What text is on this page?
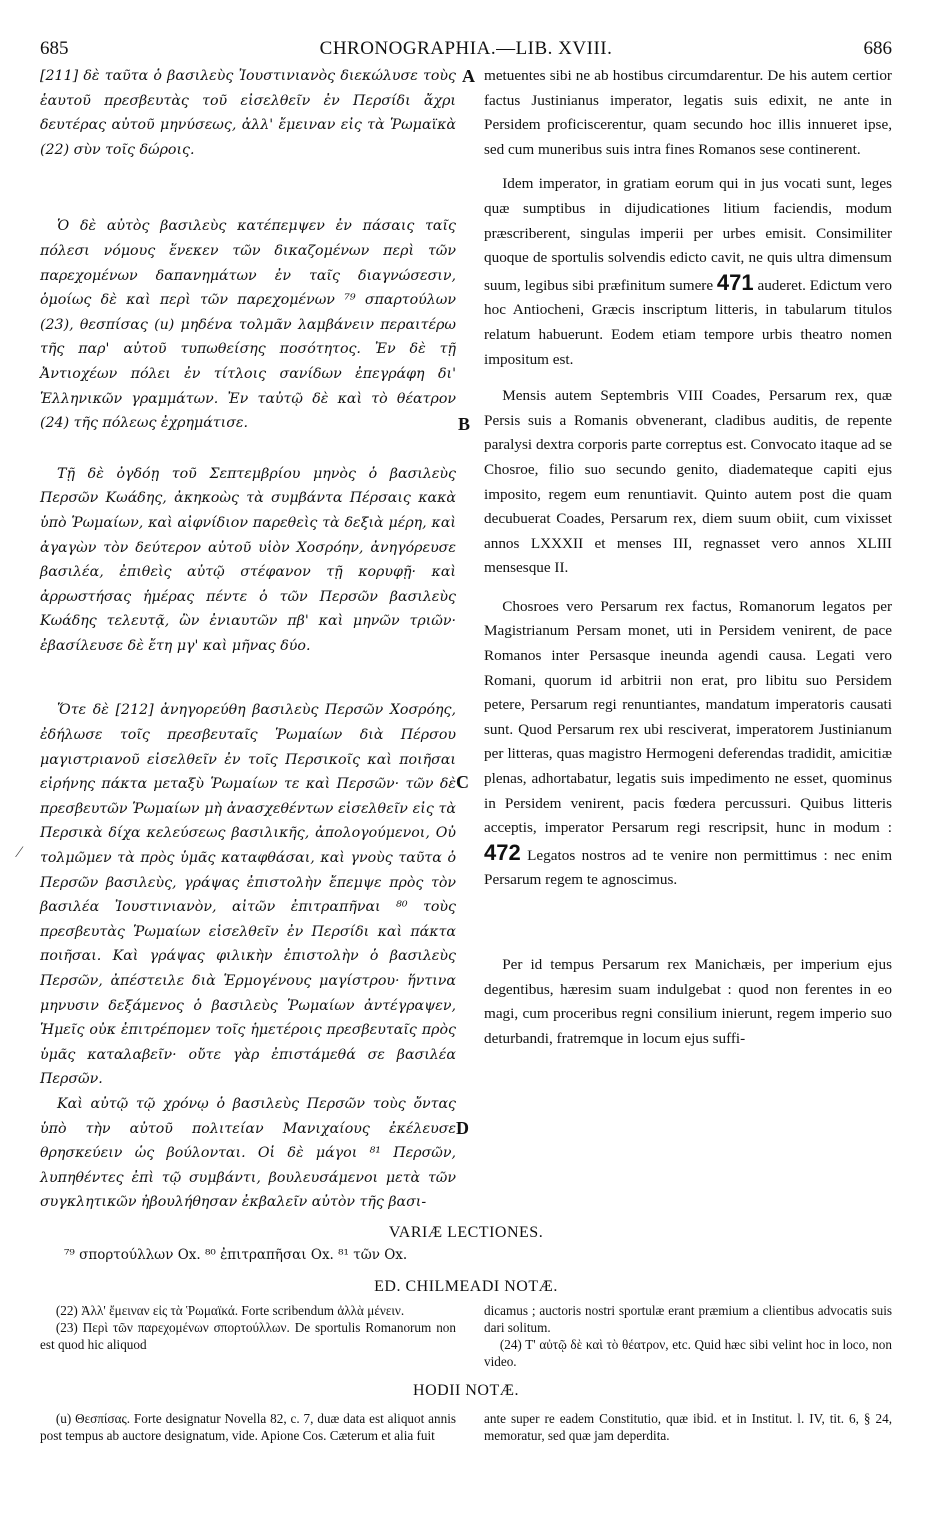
685	CHRONOGRAPHIA.—LIB. XVIII.	686

[211] δὲ ταῦτα ὁ βασιλεὺς Ἰουστινιανὸς διεκώλυσε τοὺς ἑαυτοῦ πρεσβευτὰς τοῦ εἰσελθεῖν ἐν Περσίδι ἄχρι δευτέρας αὐτοῦ μηνύσεως, ἀλλ' ἔμειναν εἰς τὰ Ῥωμαϊκὰ (22) σὺν τοῖς δώροις.

Ὁ δὲ αὐτὸς βασιλεὺς κατέπεμψεν ἐν πάσαις ταῖς πόλεσι νόμους ἕνεκεν τῶν δικαζομένων περὶ τῶν παρεχομένων δαπανημάτων ἐν ταῖς διαγνώσεσιν, ὁμοίως δὲ καὶ περὶ τῶν παρεχομένων ⁷⁹ σπαρτούλων (23), θεσπίσας (u) μηδένα τολμᾶν λαμβάνειν περαιτέρω τῆς παρ' αὐτοῦ τυπωθείσης ποσότητος. Ἐν δὲ τῇ Ἀντιοχέων πόλει ἐν τίτλοις σανίδων ἐπεγράφη δι' Ἑλληνικῶν γραμμάτων. Ἐν ταὐτῷ δὲ καὶ τὸ θέατρον (24) τῆς πόλεως ἐχρημάτισε.

Τῇ δὲ ὀγδόῃ τοῦ Σεπτεμβρίου μηνὸς ὁ βασιλεὺς Περσῶν Κωάδης, ἀκηκοὼς τὰ συμβάντα Πέρσαις κακὰ ὑπὸ Ῥωμαίων, καὶ αἰφνίδιον παρεθεὶς τὰ δεξιὰ μέρη, καὶ ἀγαγὼν τὸν δεύτερον αὐτοῦ υἱὸν Χοσρόην, ἀνηγόρευσε βασιλέα, ἐπιθεὶς αὐτῷ στέφανον τῇ κορυφῇ· καὶ ἀρρωστήσας ἡμέρας πέντε ὁ τῶν Περσῶν βασιλεὺς Κωάδης τελευτᾷ, ὢν ἐνιαυτῶν πβ' καὶ μηνῶν τριῶν· ἐβασίλευσε δὲ ἔτη μγ' καὶ μῆνας δύο.

Ὅτε δὲ [212] ἀνηγορεύθη βασιλεὺς Περσῶν Χοσρόης, ἐδήλωσε τοῖς πρεσβευταῖς Ῥωμαίων διὰ Πέρσου μαγιστριανοῦ εἰσελθεῖν ἐν τοῖς Περσικοῖς καὶ ποιῆσαι εἰρήνης πάκτα μεταξὺ Ῥωμαίων τε καὶ Περσῶν· τῶν δὲ πρεσβευτῶν Ῥωμαίων μὴ ἀνασχεθέντων εἰσελθεῖν εἰς τὰ Περσικὰ δίχα κελεύσεως βασιλικῆς, ἀπολογούμενοι, Οὐ τολμῶμεν τὰ πρὸς ὑμᾶς καταφθάσαι, καὶ γνοὺς ταῦτα ὁ Περσῶν βασιλεὺς, γράψας ἐπιστολὴν ἔπεμψε πρὸς τὸν βασιλέα Ἰουστινιανὸν, αἰτῶν ἐπιτραπῆναι ⁸⁰ τοὺς πρεσβευτὰς Ῥωμαίων εἰσελθεῖν ἐν Περσίδι καὶ πάκτα ποιῆσαι. Καὶ γράψας φιλικὴν ἐπιστολὴν ὁ βασιλεὺς Περσῶν, ἀπέστειλε διὰ Ἑρμογένους μαγίστρου· ἥντινα μηνυσιν δεξάμενος ὁ βασιλεὺς Ῥωμαίων ἀντέγραψεν, Ἡμεῖς οὐκ ἐπιτρέπομεν τοῖς ἡμετέροις πρεσβευταῖς πρὸς ὑμᾶς καταλαβεῖν· οὔτε γὰρ ἐπιστάμεθά σε βασιλέα Περσῶν.

Καὶ αὐτῷ τῷ χρόνῳ ὁ βασιλεὺς Περσῶν τοὺς ὄντας ὑπὸ τὴν αὐτοῦ πολιτείαν Μανιχαίους ἐκέλευσε θρησκεύειν ὡς βούλονται. Οἱ δὲ μάγοι ⁸¹ Περσῶν, λυπηθέντες ἐπὶ τῷ συμβάντι, βουλευσάμενοι μετὰ τῶν συγκλητικῶν ἠβουλήθησαν ἐκβαλεῖν αὐτὸν τῆς βασι-

A
B
C
D
⁄

metuentes sibi ne ab hostibus circumdarentur. De his autem certior factus Justinianus imperator, legatis suis edixit, ne ante in Persidem proficiscerentur, quam secundo hoc illis innueret ipse, sed cum muneribus suis intra fines Romanos sese continerent.

Idem imperator, in gratiam eorum qui in jus vocati sunt, leges quæ sumptibus in dijudicationes litium faciendis, modum præscriberent, singulas imperii per urbes emisit. Consimiliter quoque de sportulis solvendis edicto cavit, ne quis ultra dimensum suum, legibus sibi præfinitum sumere 471 auderet. Edictum vero hoc Antiocheni, Græcis inscriptum litteris, in tabularum titulos relatum habuerunt. Eodem etiam tempore urbis theatro nomen impositum est.

Mensis autem Septembris VIII Coades, Persarum rex, quæ Persis suis a Romanis obvenerant, cladibus auditis, de repente paralysi dextra corporis parte correptus est. Convocato itaque ad se Chosroe, filio suo secundo genito, diademateque capiti ejus imposito, regem eum renuntiavit. Quinto autem post die quam decubuerat Coades, Persarum rex, diem suum obiit, cum vixisset annos LXXXII et menses III, regnasset vero annos XLIII mensesque II.

Chosroes vero Persarum rex factus, Romanorum legatos per Magistrianum Persam monet, uti in Persidem venirent, de pace Romanos inter Persasque ineunda agendi causa. Legati vero Romani, quorum id arbitrii non erat, pro libitu suo Persidem petere, Persarum regi renuntiantes, mandatum imperatoris causati sunt. Quod Persarum rex ubi resciverat, imperatorem Justinianum per litteras, quas magistro Hermogeni deferendas tradidit, amicitiæ plenas, adhortabatur, legatis suis impedimento ne esset, quominus in Persidem venirent, pacis fœdera percussuri. Quibus litteris acceptis, imperator Persarum regi rescripsit, hunc in modum : 472 Legatos nostros ad te venire non permittimus : nec enim Persarum regem te agnoscimus.

Per id tempus Persarum rex Manichæis, per imperium ejus degentibus, hæresim suam indulgebat : quod non ferentes in eo magi, cum proceribus regni consilium inierunt, regem imperio suo deturbandi, fratremque in locum ejus suffi-

VARIÆ LECTIONES.

⁷⁹ σπορτούλλων Ox. ⁸⁰ ἐπιτραπῆσαι Ox. ⁸¹ τῶν Ox.

ED. CHILMEADI NOTÆ.

(22) Ἀλλ' ἔμειναν εἰς τὰ Ῥωμαϊκά. Forte scribendum ἀλλὰ μένειν.

(23) Περὶ τῶν παρεχομένων σπορτούλλων. De sportulis Romanorum non est quod hic aliquod

dicamus ; auctoris nostri sportulæ erant præmium a clientibus advocatis suis dari solitum.

(24) Τ' αὐτῷ δὲ καὶ τὸ θέατρον, etc. Quid hæc sibi velint hoc in loco, non video.

HODII NOTÆ.

(u) Θεσπίσας. Forte designatur Novella 82, c. 7, duæ data est aliquot annis post tempus ab auctore designatum, vide. Apione Cos. Cæterum et alia fuit

ante super re eadem Constitutio, quæ ibid. et in Institut. l. IV, tit. 6, § 24, memoratur, sed quæ jam deperdita.
